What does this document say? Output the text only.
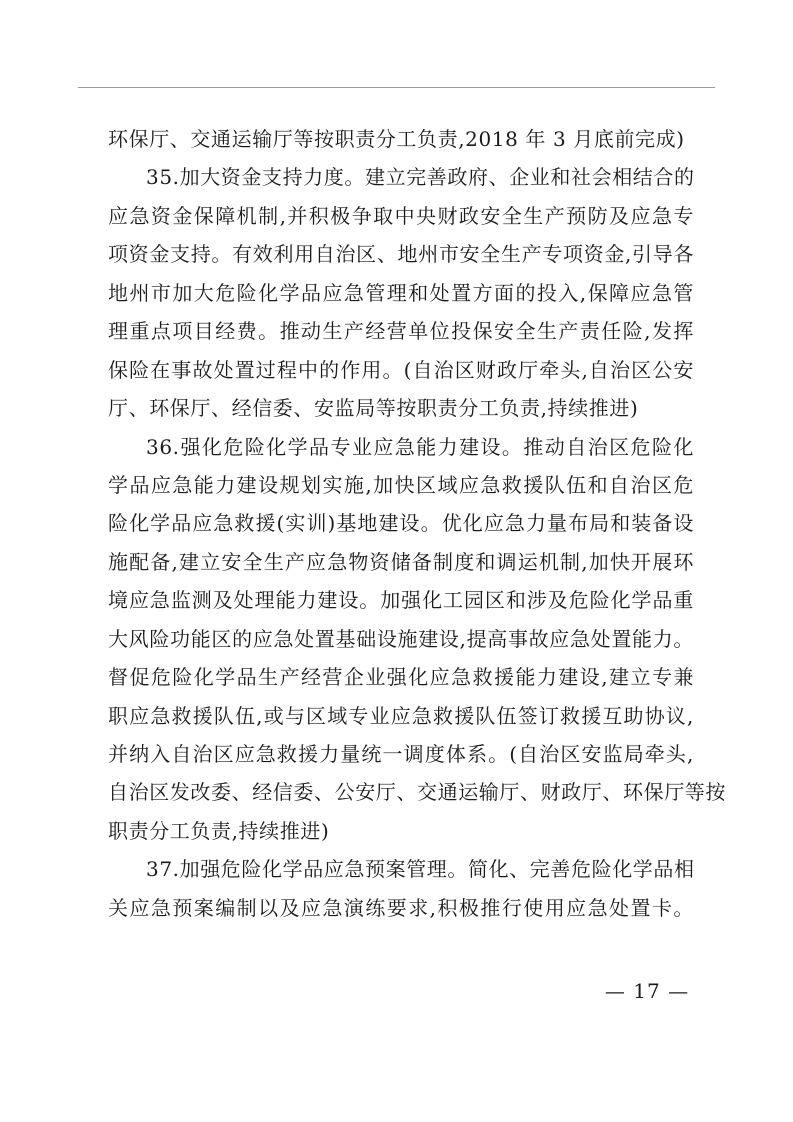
环保厅、交通运输厅等按职责分工负责,2018 年 3 月底前完成)
35.加大资金支持力度。建立完善政府、企业和社会相结合的
应急资金保障机制,并积极争取中央财政安全生产预防及应急专
项资金支持。有效利用自治区、地州市安全生产专项资金,引导各
地州市加大危险化学品应急管理和处置方面的投入,保障应急管
理重点项目经费。推动生产经营单位投保安全生产责任险,发挥
保险在事故处置过程中的作用。(自治区财政厅牵头,自治区公安
厅、环保厅、经信委、安监局等按职责分工负责,持续推进)
36.强化危险化学品专业应急能力建设。推动自治区危险化
学品应急能力建设规划实施,加快区域应急救援队伍和自治区危
险化学品应急救援(实训)基地建设。优化应急力量布局和装备设
施配备,建立安全生产应急物资储备制度和调运机制,加快开展环
境应急监测及处理能力建设。加强化工园区和涉及危险化学品重
大风险功能区的应急处置基础设施建设,提高事故应急处置能力。
督促危险化学品生产经营企业强化应急救援能力建设,建立专兼
职应急救援队伍,或与区域专业应急救援队伍签订救援互助协议,
并纳入自治区应急救援力量统一调度体系。(自治区安监局牵头,
自治区发改委、经信委、公安厅、交通运输厅、财政厅、环保厅等按
职责分工负责,持续推进)
37.加强危险化学品应急预案管理。简化、完善危险化学品相
关应急预案编制以及应急演练要求,积极推行使用应急处置卡。
— 17 —
